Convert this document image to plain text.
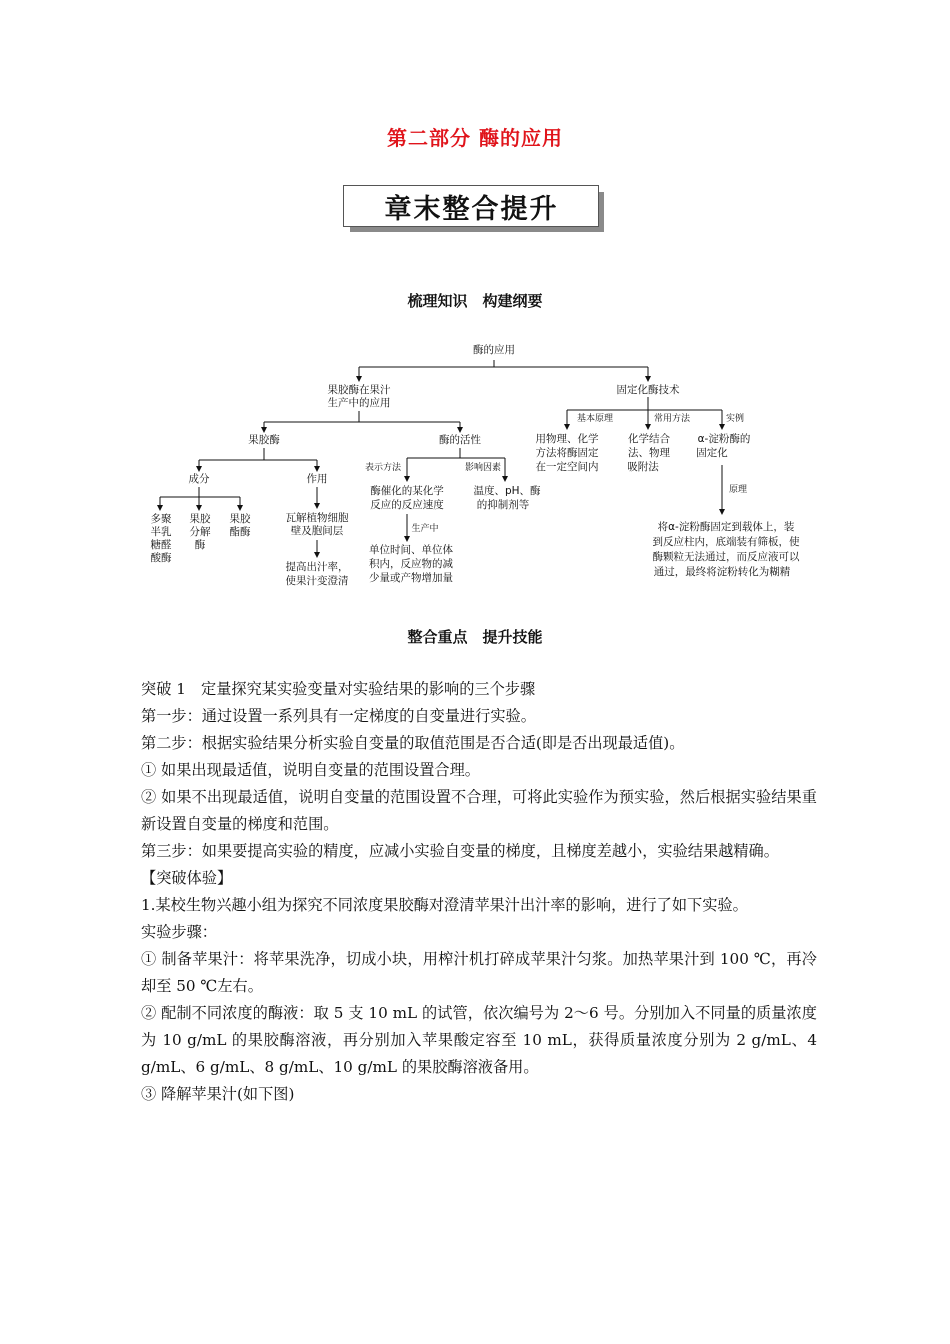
第二部分 酶的应用
章末整合提升
梳理知识　构建纲要
酶的应用
果胶酶在果汁
生产中的应用
果胶酶
成分
多聚
半乳
糖醛
酸酶
果胶
分解
酶
果胶
酯酶
作用
瓦解植物细胞
壁及胞间层
提高出汁率，
使果汁变澄清
酶的活性
表示方法	影响因素
酶催化的某化学
反应的反应速度
生产中
单位时间、单位体
积内，反应物的减
少量或产物增加量
温度、pH、酶
的抑制剂等
固定化酶技术
基本原理	常用方法	实例
用物理、化学
方法将酶固定
在一定空间内
化学结合
法、物理
吸附法
α-淀粉酶的
固定化
原理
将α-淀粉酶固定到载体上，装
到反应柱内，底端装有筛板，使
酶颗粒无法通过，而反应液可以
通过，最终将淀粉转化为糊精
整合重点　提升技能

突破 1　定量探究某实验变量对实验结果的影响的三个步骤

第一步：通过设置一系列具有一定梯度的自变量进行实验。

第二步：根据实验结果分析实验自变量的取值范围是否合适(即是否出现最适值)。

① 如果出现最适值，说明自变量的范围设置合理。

② 如果不出现最适值，说明自变量的范围设置不合理，可将此实验作为预实验，然后根据实验结果重新设置自变量的梯度和范围。

第三步：如果要提高实验的精度，应减小实验自变量的梯度，且梯度差越小，实验结果越精确。

【突破体验】

1.某校生物兴趣小组为探究不同浓度果胶酶对澄清苹果汁出汁率的影响，进行了如下实验。

实验步骤：

① 制备苹果汁：将苹果洗净，切成小块，用榨汁机打碎成苹果汁匀浆。加热苹果汁到 100 ℃，再冷却至 50 ℃左右。

② 配制不同浓度的酶液：取 5 支 10 mL 的试管，依次编号为 2～6 号。分别加入不同量的质量浓度为 10 g/mL 的果胶酶溶液，再分别加入苹果酸定容至 10 mL，获得质量浓度分别为 2 g/mL、4 g/mL、6 g/mL、8 g/mL、10 g/mL 的果胶酶溶液备用。

③ 降解苹果汁(如下图)
